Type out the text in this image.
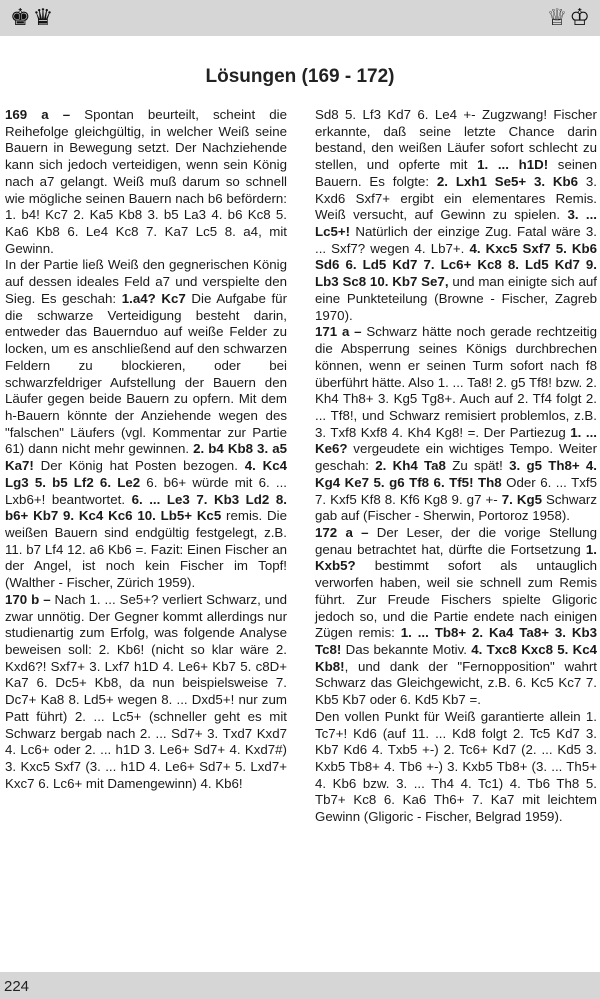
♚ ♛	♕ ♔
Lösungen (169 - 172)

169 a – Spontan beurteilt, scheint die Reihefolge gleichgültig, in welcher Weiß seine Bauern in Bewegung setzt. Der Nachziehende kann sich jedoch verteidigen, wenn sein König nach a7 gelangt. Weiß muß darum so schnell wie mögliche seinen Bauern nach b6 befördern: 1. b4! Kc7 2. Ka5 Kb8 3. b5 La3 4. b6 Kc8 5. Ka6 Kb8 6. Le4 Kc8 7. Ka7 Lc5 8. a4, mit Gewinn.

In der Partie ließ Weiß den gegnerischen König auf dessen ideales Feld a7 und verspielte den Sieg. Es geschah: 1.a4? Kc7 Die Aufgabe für die schwarze Verteidigung besteht darin, entweder das Bauernduo auf weiße Felder zu locken, um es anschließend auf den schwarzen Feldern zu blockieren, oder bei schwarzfeldriger Aufstellung der Bauern den Läufer gegen beide Bauern zu opfern. Mit dem h-Bauern könnte der Anziehende wegen des "falschen" Läufers (vgl. Kommentar zur Partie 61) dann nicht mehr gewinnen. 2. b4 Kb8 3. a5 Ka7! Der König hat Posten bezogen. 4. Kc4 Lg3 5. b5 Lf2 6. Le2 6. b6+ würde mit 6. ... Lxb6+! beantwortet. 6. ... Le3 7. Kb3 Ld2 8. b6+ Kb7 9. Kc4 Kc6 10. Lb5+ Kc5 remis. Die weißen Bauern sind endgültig festgelegt, z.B. 11. b7 Lf4 12. a6 Kb6 =. Fazit: Einen Fischer an der Angel, ist noch kein Fischer im Topf! (Walther - Fischer, Zürich 1959).

170 b – Nach 1. ... Se5+? verliert Schwarz, und zwar unnötig. Der Gegner kommt allerdings nur studienartig zum Erfolg, was folgende Analyse beweisen soll: 2. Kb6! (nicht so klar wäre 2. Kxd6?! Sxf7+ 3. Lxf7 h1D 4. Le6+ Kb7 5. c8D+ Ka7 6. Dc5+ Kb8, da nun beispielsweise 7. Dc7+ Ka8 8. Ld5+ wegen 8. ... Dxd5+! nur zum Patt führt) 2. ... Lc5+ (schneller geht es mit Schwarz bergab nach 2. ... Sd7+ 3. Txd7 Kxd7 4. Lc6+ oder 2. ... h1D 3. Le6+ Sd7+ 4. Kxd7#) 3. Kxc5 Sxf7 (3. ... h1D 4. Le6+ Sd7+ 5. Lxd7+ Kxc7 6. Lc6+ mit Damengewinn) 4. Kb6!

Sd8 5. Lf3 Kd7 6. Le4 +- Zugzwang! Fischer erkannte, daß seine letzte Chance darin bestand, den weißen Läufer sofort schlecht zu stellen, und opferte mit 1. ... h1D! seinen Bauern. Es folgte: 2. Lxh1 Se5+ 3. Kb6 3. Kxd6 Sxf7+ ergibt ein elementares Remis. Weiß versucht, auf Gewinn zu spielen. 3. ... Lc5+! Natürlich der einzige Zug. Fatal wäre 3. ... Sxf7? wegen 4. Lb7+. 4. Kxc5 Sxf7 5. Kb6 Sd6 6. Ld5 Kd7 7. Lc6+ Kc8 8. Ld5 Kd7 9. Lb3 Sc8 10. Kb7 Se7, und man einigte sich auf eine Punkteteilung (Browne - Fischer, Zagreb 1970).

171 a – Schwarz hätte noch gerade rechtzeitig die Absperrung seines Königs durchbrechen können, wenn er seinen Turm sofort nach f8 überführt hätte. Also 1. ... Ta8! 2. g5 Tf8! bzw. 2. Kh4 Th8+ 3. Kg5 Tg8+. Auch auf 2. Tf4 folgt 2. ... Tf8!, und Schwarz remisiert problemlos, z.B. 3. Txf8 Kxf8 4. Kh4 Kg8! =. Der Partiezug 1. ... Ke6? vergeudete ein wichtiges Tempo. Weiter geschah: 2. Kh4 Ta8 Zu spät! 3. g5 Th8+ 4. Kg4 Ke7 5. g6 Tf8 6. Tf5! Th8 Oder 6. ... Txf5 7. Kxf5 Kf8 8. Kf6 Kg8 9. g7 +- 7. Kg5 Schwarz gab auf (Fischer - Sherwin, Portoroz 1958).

172 a – Der Leser, der die vorige Stellung genau betrachtet hat, dürfte die Fortsetzung 1. Kxb5? bestimmt sofort als untauglich verworfen haben, weil sie schnell zum Remis führt. Zur Freude Fischers spielte Gligoric jedoch so, und die Partie endete nach einigen Zügen remis: 1. ... Tb8+ 2. Ka4 Ta8+ 3. Kb3 Tc8! Das bekannte Motiv. 4. Txc8 Kxc8 5. Kc4 Kb8!, und dank der "Fernopposition" wahrt Schwarz das Gleichgewicht, z.B. 6. Kc5 Kc7 7. Kb5 Kb7 oder 6. Kd5 Kb7 =.

Den vollen Punkt für Weiß garantierte allein 1. Tc7+! Kd6 (auf 11. ... Kd8 folgt 2. Tc5 Kd7 3. Kb7 Kd6 4. Txb5 +-) 2. Tc6+ Kd7 (2. ... Kd5 3. Kxb5 Tb8+ 4. Tb6 +-) 3. Kxb5 Tb8+ (3. ... Th5+ 4. Kb6 bzw. 3. ... Th4 4. Tc1) 4. Tb6 Th8 5. Tb7+ Kc8 6. Ka6 Th6+ 7. Ka7 mit leichtem Gewinn (Gligoric - Fischer, Belgrad 1959).

224
